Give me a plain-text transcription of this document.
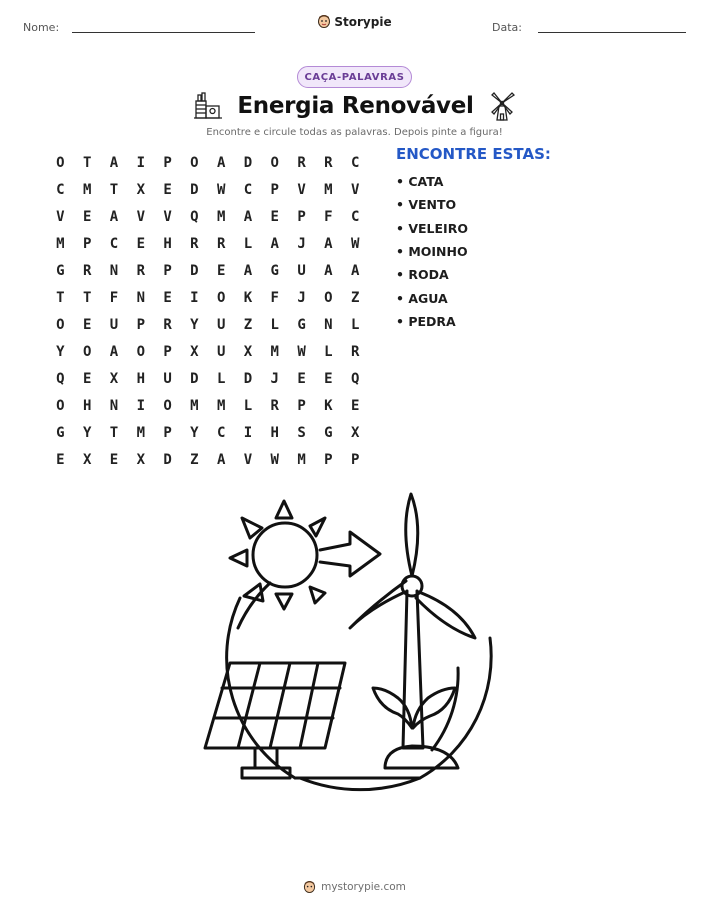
Nome:	Storypie	Data:
CAÇA-PALAVRAS
Energia Renovável
Encontre e circule todas as palavras. Depois pinte a figura!
O	T	A	I	P	O	A	D	O	R	R	C
C	M	T	X	E	D	W	C	P	V	M	V
V	E	A	V	V	Q	M	A	E	P	F	C
M	P	C	E	H	R	R	L	A	J	A	W
G	R	N	R	P	D	E	A	G	U	A	A
T	T	F	N	E	I	O	K	F	J	O	Z
O	E	U	P	R	Y	U	Z	L	G	N	L
Y	O	A	O	P	X	U	X	M	W	L	R
Q	E	X	H	U	D	L	D	J	E	E	Q
O	H	N	I	O	M	M	L	R	P	K	E
G	Y	T	M	P	Y	C	I	H	S	G	X
E	X	E	X	D	Z	A	V	W	M	P	P
ENCONTRE ESTAS:
• CATA
• VENTO
• VELEIRO
• MOINHO
• RODA
• AGUA
• PEDRA
mystorypie.com
